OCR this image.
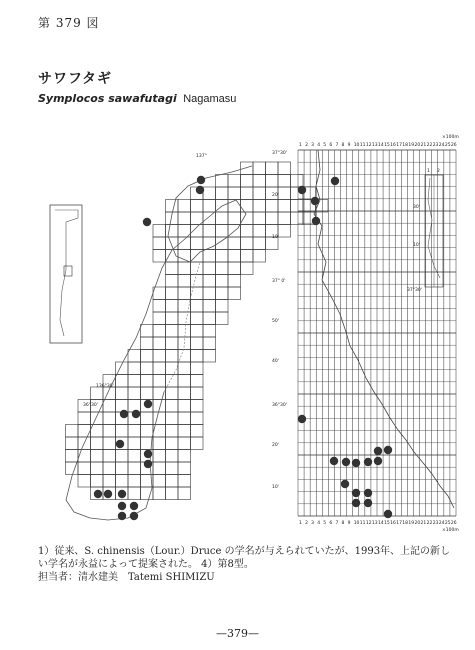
第 379 図
サワフタギ
Symplocos sawafutagi Nagamasu
137°
136°30'
36°30'
1 2 3 4 5 6 7 8 9 10 11 12 13 14 15 16 17 18 19 20 21 22 23 24 25 26
1 2 3 4 5 6 7 8 9 10 11 12 13 14 15 16 17 18 19 20 21 22 23 24 25 26
×100m
×100m
37°30'
20'
10'
37° 0'
50'
40'
36°30'
20'
10'
30'
10'
37°30'
1 2

1）従来、S. chinensis（Lour.）Druce の学名が与えられていたが、1993年、上記の新し

い学名が永益によって提案された。 4）第8型。

担当者：清水建美　Tatemi SHIMIZU

—379—
